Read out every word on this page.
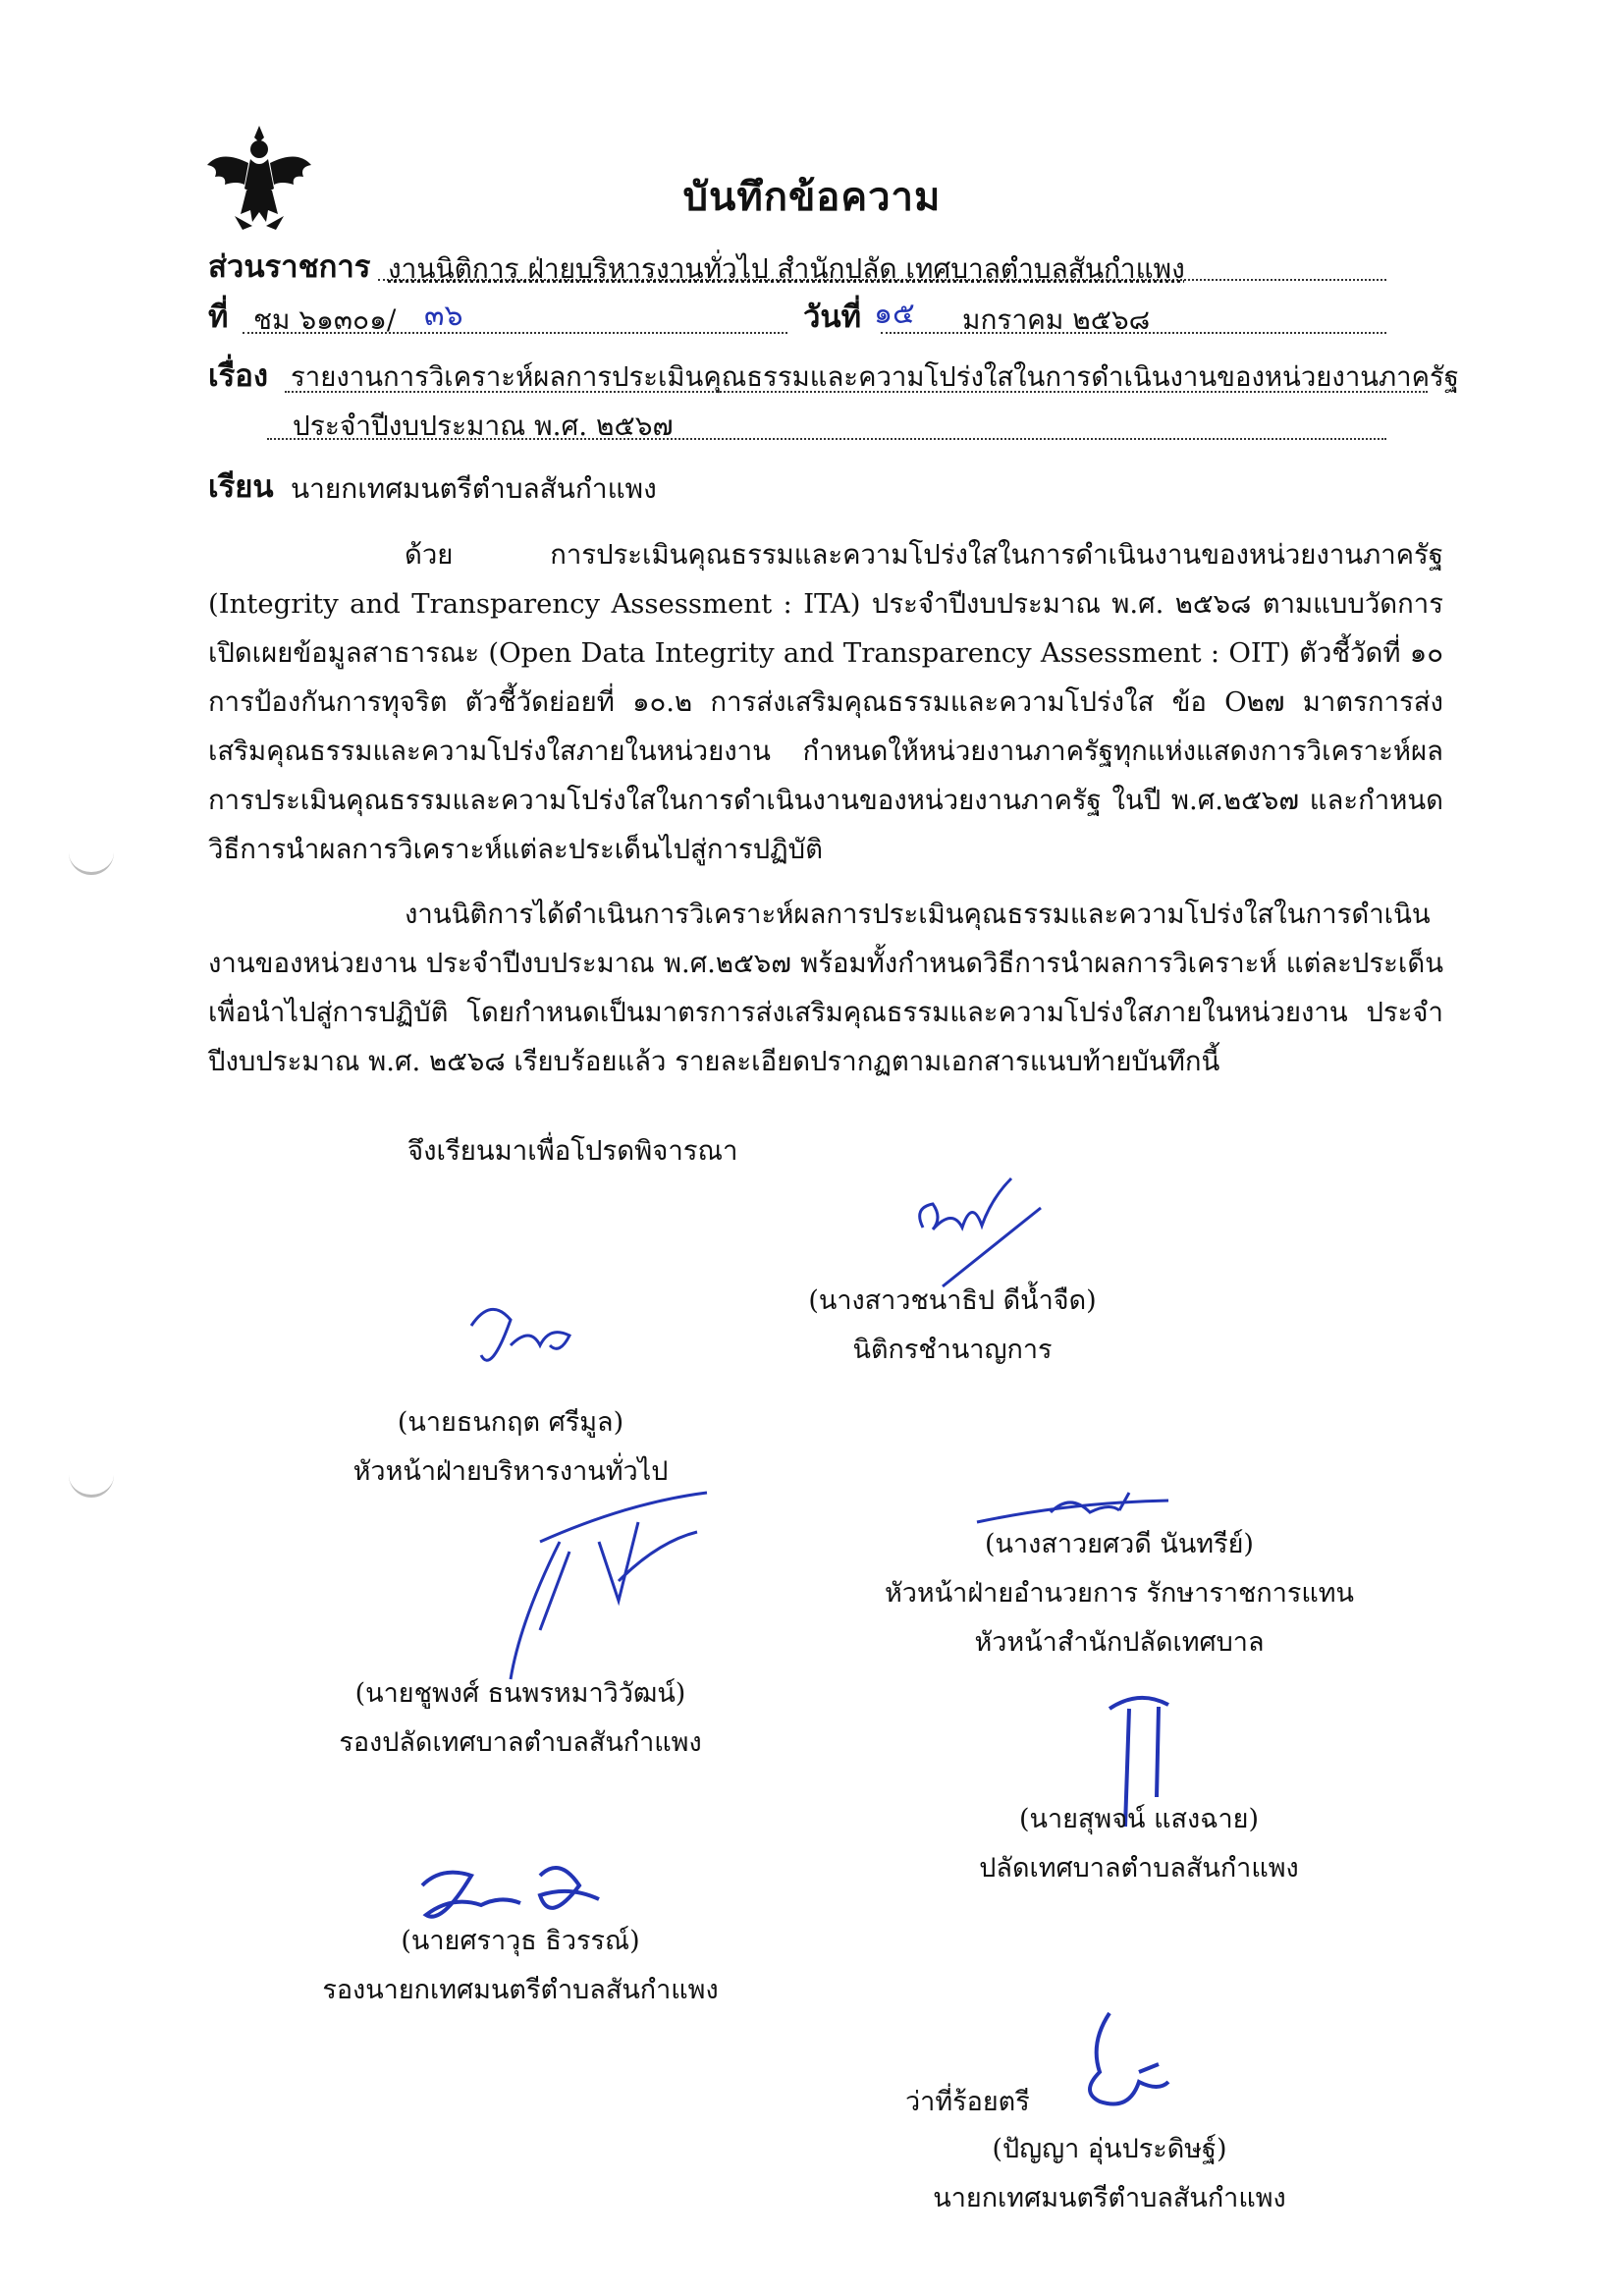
บันทึกข้อความ
ส่วนราชการ งานนิติการ ฝ่ายบริหารงานทั่วไป สำนักปลัด เทศบาลตำบลสันกำแพง
ที่ ชม ๖๑๓๐๑/ ๓๖	วันที่ ๑๕ มกราคม ๒๕๖๘
เรื่อง รายงานการวิเคราะห์ผลการประเมินคุณธรรมและความโปร่งใสในการดำเนินงานของหน่วยงานภาครัฐ
ประจำปีงบประมาณ พ.ศ. ๒๕๖๗
เรียน นายกเทศมนตรีตำบลสันกำแพง
ด้วย การประเมินคุณธรรมและความโปร่งใสในการดำเนินงานของหน่วยงานภาครัฐ (Integrity and Transparency Assessment : ITA) ประจำปีงบประมาณ พ.ศ. ๒๕๖๘ ตามแบบวัดการเปิดเผยข้อมูลสาธารณะ (Open Data Integrity and Transparency Assessment : OIT) ตัวชี้วัดที่ ๑๐ การป้องกันการทุจริต ตัวชี้วัดย่อยที่ ๑๐.๒ การส่งเสริมคุณธรรมและความโปร่งใส ข้อ O๒๗ มาตรการส่งเสริมคุณธรรมและความโปร่งใสภายในหน่วยงาน กำหนดให้หน่วยงานภาครัฐทุกแห่งแสดงการวิเคราะห์ผลการประเมินคุณธรรมและความโปร่งใสในการดำเนินงานของหน่วยงานภาครัฐ ในปี พ.ศ.๒๕๖๗ และกำหนดวิธีการนำผลการวิเคราะห์แต่ละประเด็นไปสู่การปฏิบัติ
งานนิติการได้ดำเนินการวิเคราะห์ผลการประเมินคุณธรรมและความโปร่งใสในการดำเนินงานของหน่วยงาน ประจำปีงบประมาณ พ.ศ.๒๕๖๗ พร้อมทั้งกำหนดวิธีการนำผลการวิเคราะห์ แต่ละประเด็นเพื่อนำไปสู่การปฏิบัติ โดยกำหนดเป็นมาตรการส่งเสริมคุณธรรมและความโปร่งใสภายในหน่วยงาน ประจำปีงบประมาณ พ.ศ. ๒๕๖๘ เรียบร้อยแล้ว รายละเอียดปรากฏตามเอกสารแนบท้ายบันทึกนี้
จึงเรียนมาเพื่อโปรดพิจารณา
(นางสาวชนาธิป ดีน้ำจืด)
นิติกรชำนาญการ
(นายธนกฤต ศรีมูล)
หัวหน้าฝ่ายบริหารงานทั่วไป
(นางสาวยศวดี นันทรีย์)
หัวหน้าฝ่ายอำนวยการ รักษาราชการแทน
หัวหน้าสำนักปลัดเทศบาล
(นายชูพงศ์ ธนพรหมาวิวัฒน์)
รองปลัดเทศบาลตำบลสันกำแพง
(นายสุพจน์ แสงฉาย)
ปลัดเทศบาลตำบลสันกำแพง
(นายศราวุธ ธิวรรณ์)
รองนายกเทศมนตรีตำบลสันกำแพง
ว่าที่ร้อยตรี
(ปัญญา อุ่นประดิษฐ์)
นายกเทศมนตรีตำบลสันกำแพง
